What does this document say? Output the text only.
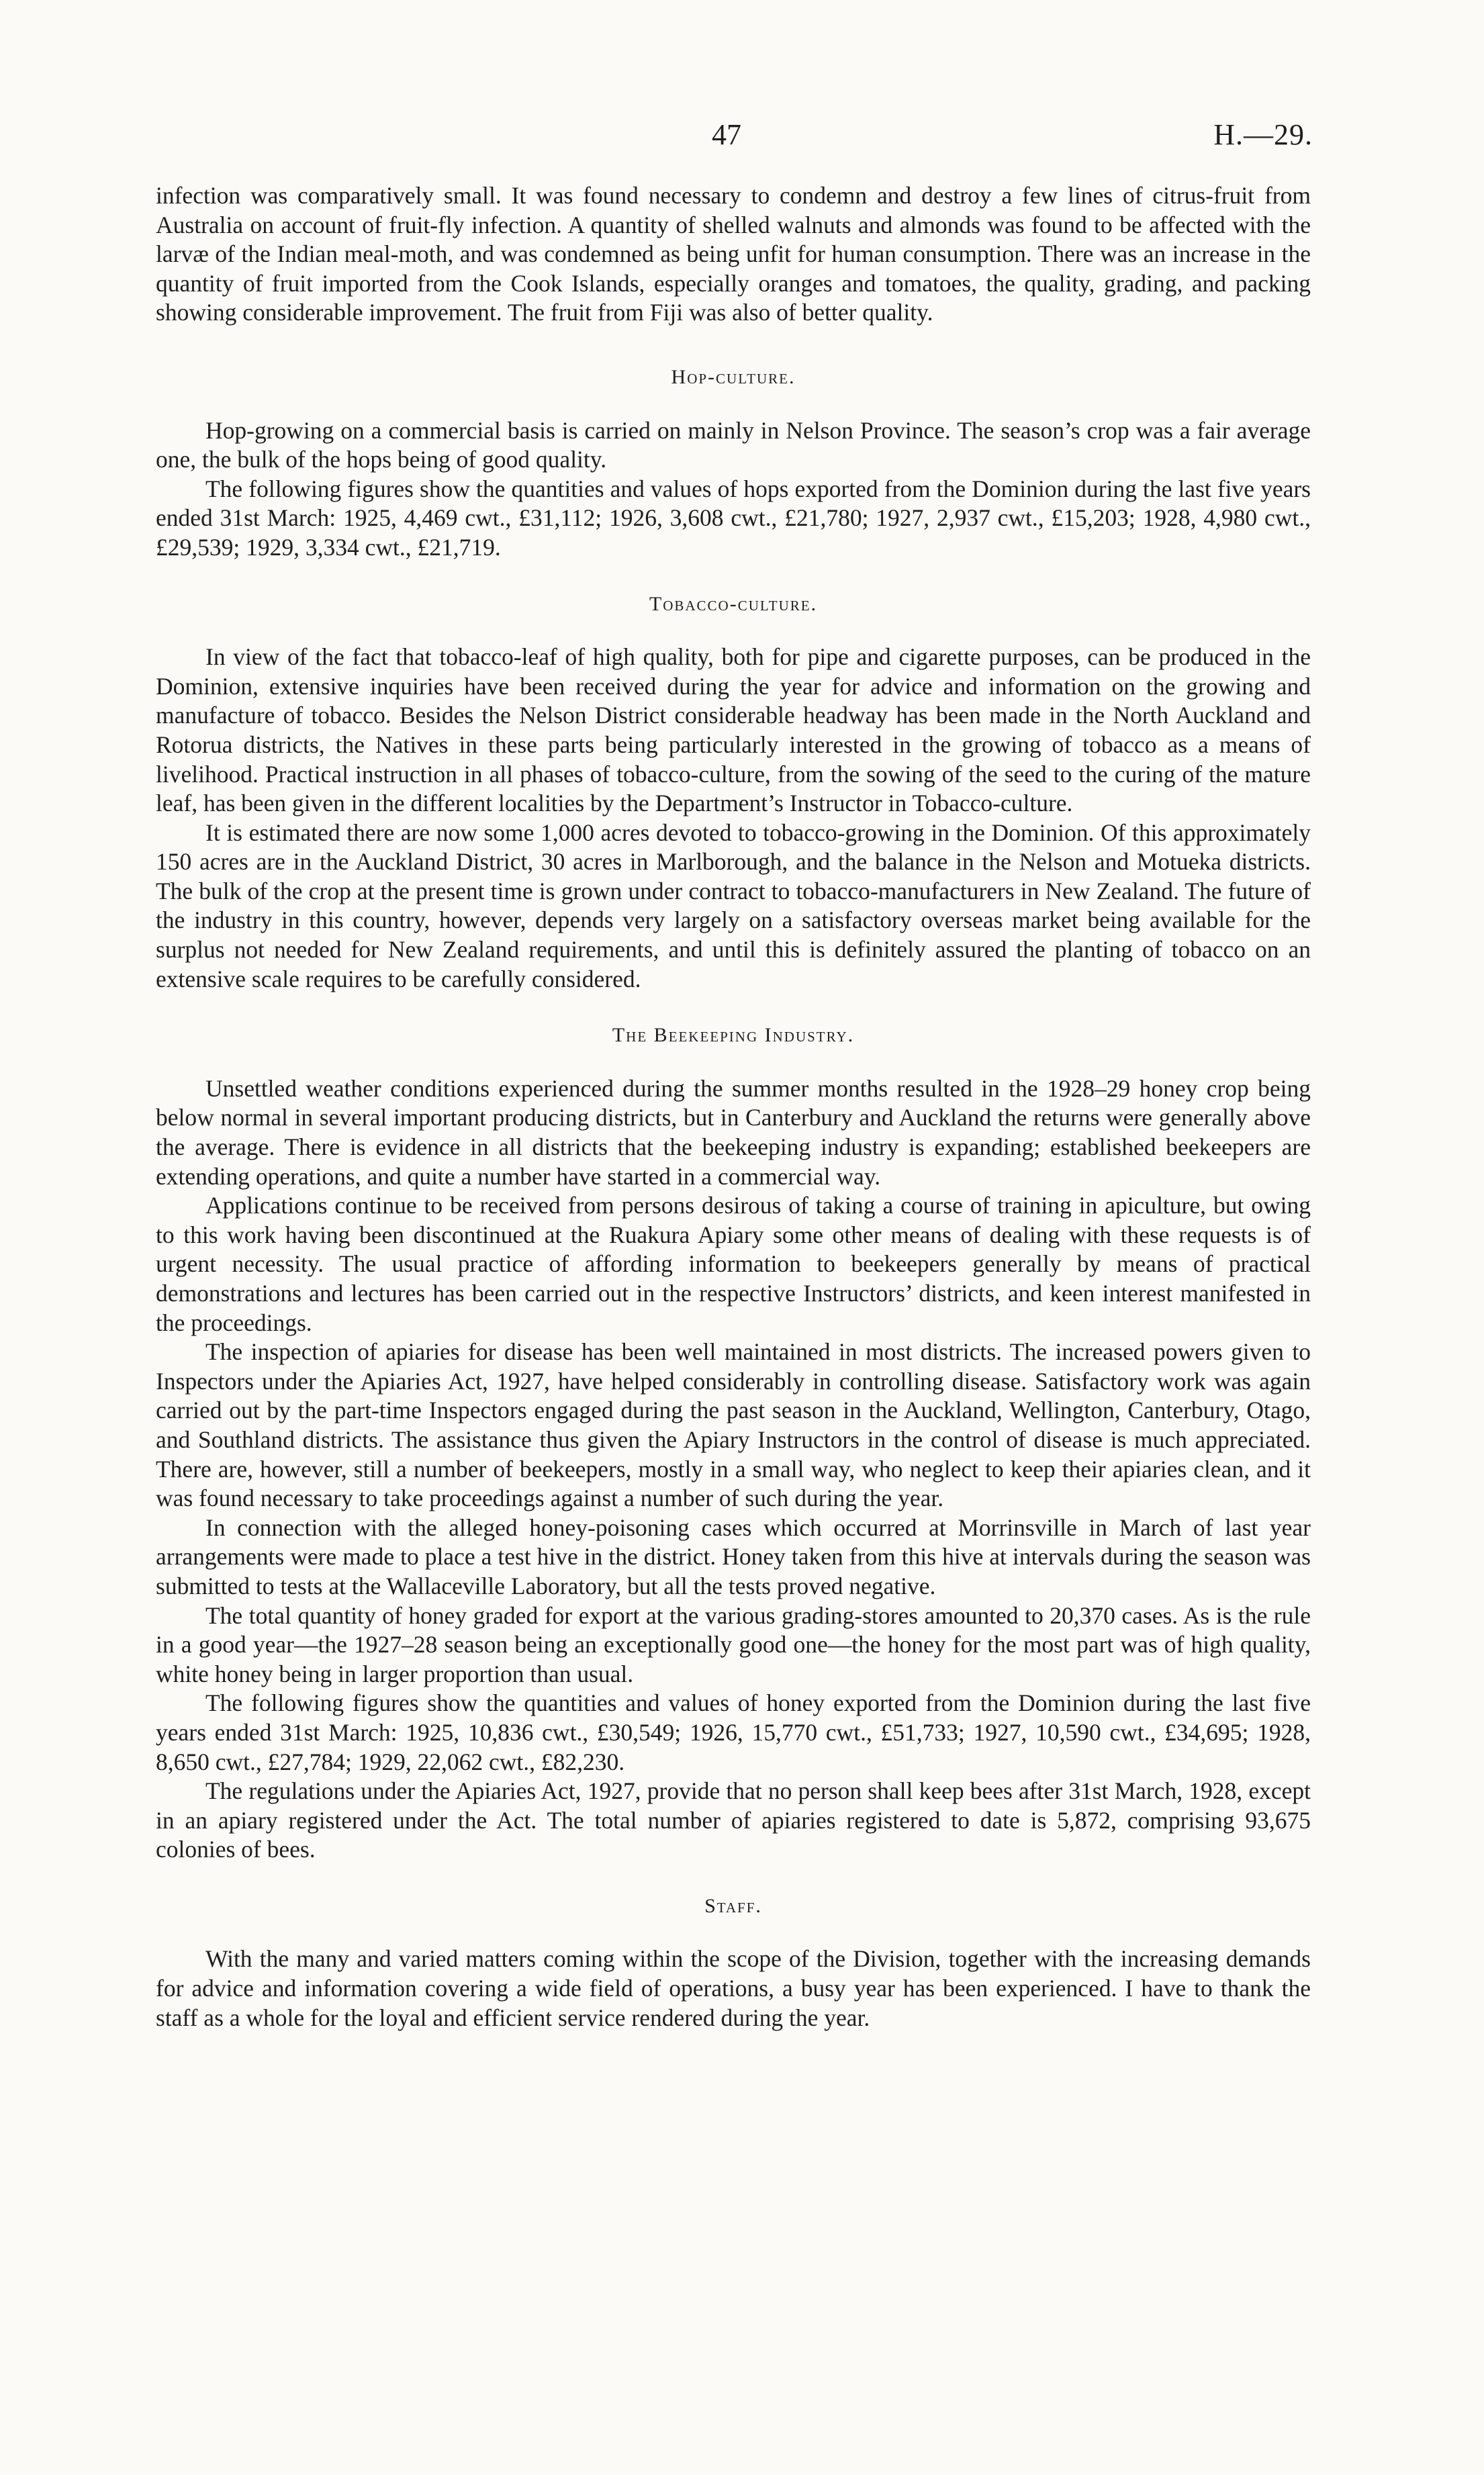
47	H.—29.

infection was comparatively small. It was found necessary to condemn and destroy a few lines of citrus-fruit from Australia on account of fruit-fly infection. A quantity of shelled walnuts and almonds was found to be affected with the larvæ of the Indian meal-moth, and was condemned as being unfit for human consumption. There was an increase in the quantity of fruit imported from the Cook Islands, especially oranges and tomatoes, the quality, grading, and packing showing considerable improvement. The fruit from Fiji was also of better quality.

Hop-culture.

Hop-growing on a commercial basis is carried on mainly in Nelson Province. The season’s crop was a fair average one, the bulk of the hops being of good quality.

The following figures show the quantities and values of hops exported from the Dominion during the last five years ended 31st March: 1925, 4,469 cwt., £31,112; 1926, 3,608 cwt., £21,780; 1927, 2,937 cwt., £15,203; 1928, 4,980 cwt., £29,539; 1929, 3,334 cwt., £21,719.

Tobacco-culture.

In view of the fact that tobacco-leaf of high quality, both for pipe and cigarette purposes, can be produced in the Dominion, extensive inquiries have been received during the year for advice and information on the growing and manufacture of tobacco. Besides the Nelson District considerable headway has been made in the North Auckland and Rotorua districts, the Natives in these parts being particularly interested in the growing of tobacco as a means of livelihood. Practical instruction in all phases of tobacco-culture, from the sowing of the seed to the curing of the mature leaf, has been given in the different localities by the Department’s Instructor in Tobacco-culture.

It is estimated there are now some 1,000 acres devoted to tobacco-growing in the Dominion. Of this approximately 150 acres are in the Auckland District, 30 acres in Marlborough, and the balance in the Nelson and Motueka districts. The bulk of the crop at the present time is grown under contract to tobacco-manufacturers in New Zealand. The future of the industry in this country, however, depends very largely on a satisfactory overseas market being available for the surplus not needed for New Zealand requirements, and until this is definitely assured the planting of tobacco on an extensive scale requires to be carefully considered.

The Beekeeping Industry.

Unsettled weather conditions experienced during the summer months resulted in the 1928–29 honey crop being below normal in several important producing districts, but in Canterbury and Auckland the returns were generally above the average. There is evidence in all districts that the beekeeping industry is expanding; established beekeepers are extending operations, and quite a number have started in a commercial way.

Applications continue to be received from persons desirous of taking a course of training in apiculture, but owing to this work having been discontinued at the Ruakura Apiary some other means of dealing with these requests is of urgent necessity. The usual practice of affording information to beekeepers generally by means of practical demonstrations and lectures has been carried out in the respective Instructors’ districts, and keen interest manifested in the proceedings.

The inspection of apiaries for disease has been well maintained in most districts. The increased powers given to Inspectors under the Apiaries Act, 1927, have helped considerably in controlling disease. Satisfactory work was again carried out by the part-time Inspectors engaged during the past season in the Auckland, Wellington, Canterbury, Otago, and Southland districts. The assistance thus given the Apiary Instructors in the control of disease is much appreciated. There are, however, still a number of beekeepers, mostly in a small way, who neglect to keep their apiaries clean, and it was found necessary to take proceedings against a number of such during the year.

In connection with the alleged honey-poisoning cases which occurred at Morrinsville in March of last year arrangements were made to place a test hive in the district. Honey taken from this hive at intervals during the season was submitted to tests at the Wallaceville Laboratory, but all the tests proved negative.

The total quantity of honey graded for export at the various grading-stores amounted to 20,370 cases. As is the rule in a good year—the 1927–28 season being an exceptionally good one—the honey for the most part was of high quality, white honey being in larger proportion than usual.

The following figures show the quantities and values of honey exported from the Dominion during the last five years ended 31st March: 1925, 10,836 cwt., £30,549; 1926, 15,770 cwt., £51,733; 1927, 10,590 cwt., £34,695; 1928, 8,650 cwt., £27,784; 1929, 22,062 cwt., £82,230.

The regulations under the Apiaries Act, 1927, provide that no person shall keep bees after 31st March, 1928, except in an apiary registered under the Act. The total number of apiaries registered to date is 5,872, comprising 93,675 colonies of bees.

Staff.

With the many and varied matters coming within the scope of the Division, together with the increasing demands for advice and information covering a wide field of operations, a busy year has been experienced. I have to thank the staff as a whole for the loyal and efficient service rendered during the year.
